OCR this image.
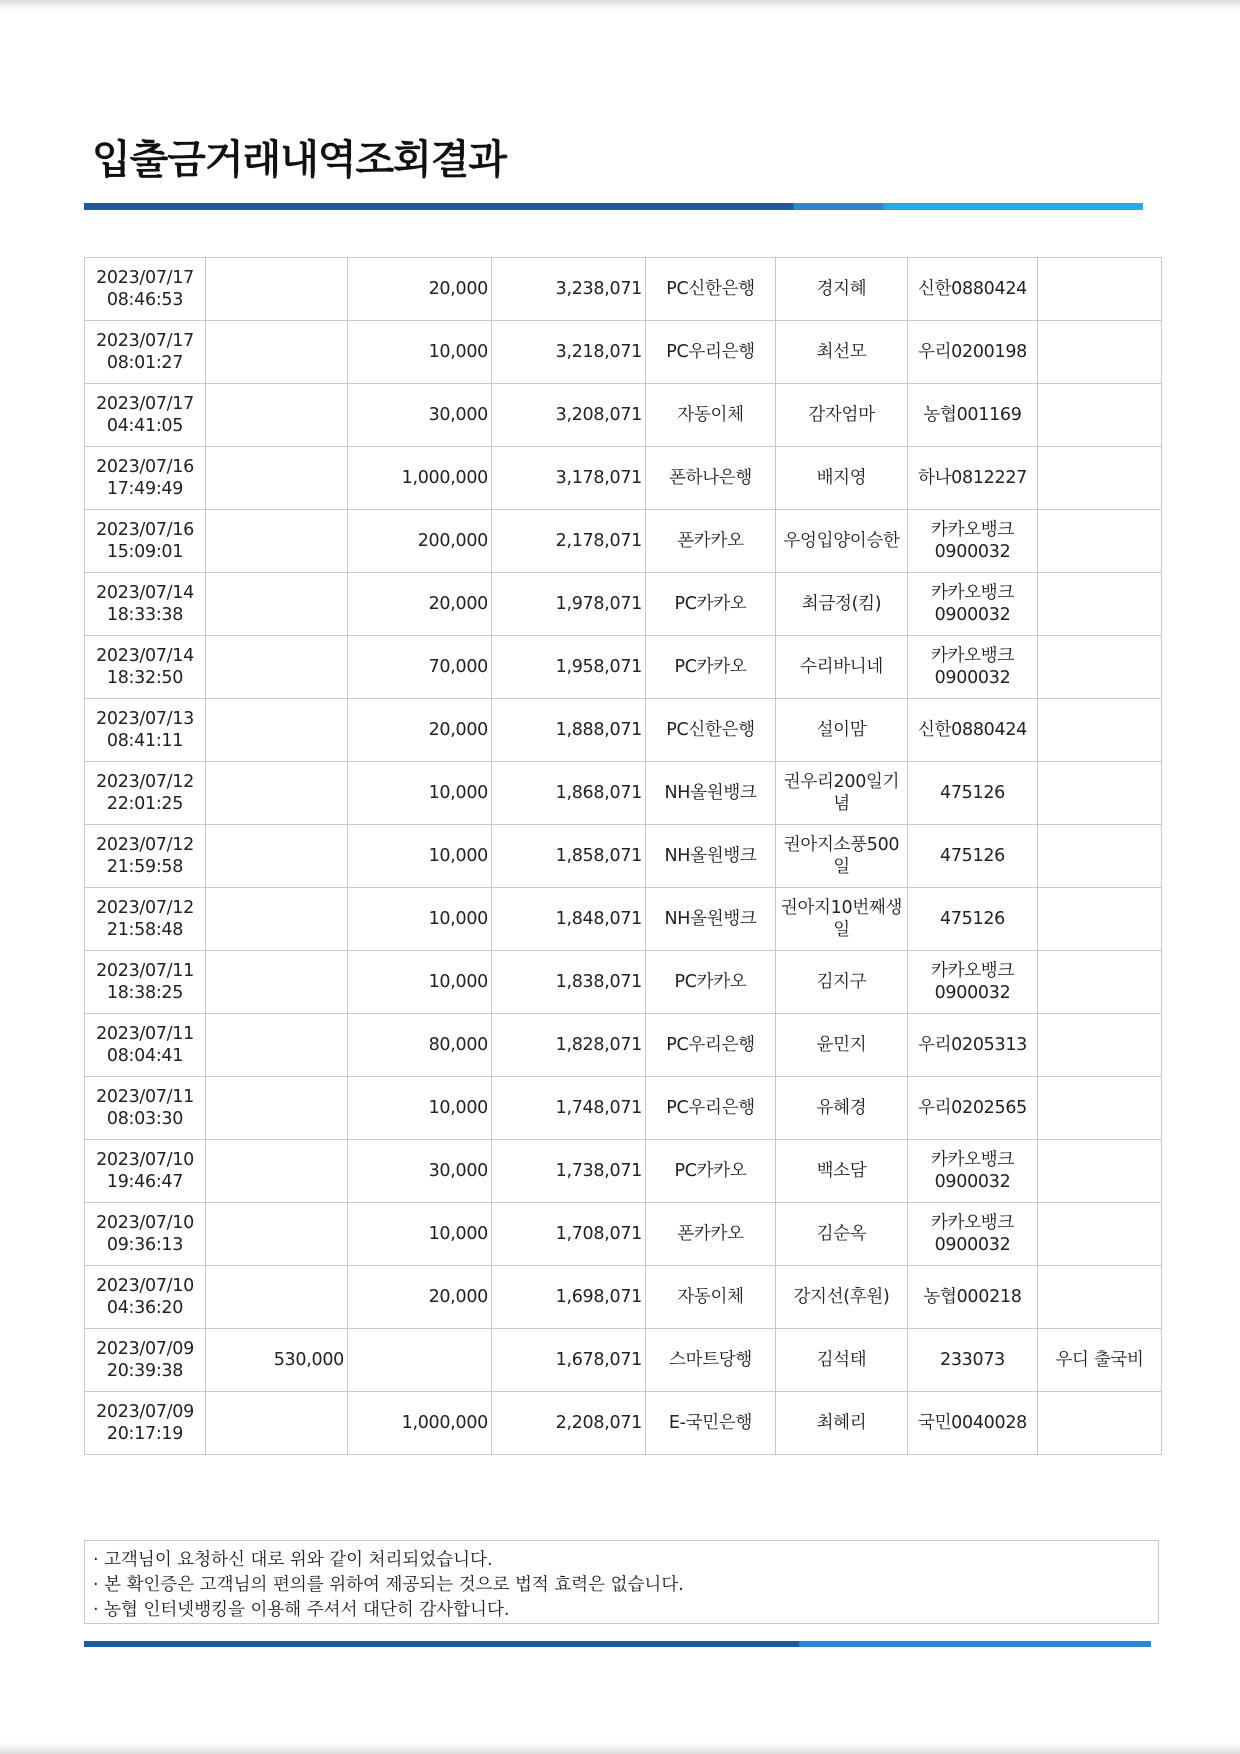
입출금거래내역조회결과
2023/07/17
08:46:53		20,000	3,238,071	PC신한은행	경지혜	신한0880424	

2023/07/17
08:01:27		10,000	3,218,071	PC우리은행	최선모	우리0200198	

2023/07/17
04:41:05		30,000	3,208,071	자동이체	감자엄마	농협001169	

2023/07/16
17:49:49		1,000,000	3,178,071	폰하나은행	배지영	하나0812227	

2023/07/16
15:09:01		200,000	2,178,071	폰카카오	우엉입양이승한	카카오뱅크0900032	

2023/07/14
18:33:38		20,000	1,978,071	PC카카오	최금정(킴)	카카오뱅크0900032	

2023/07/14
18:32:50		70,000	1,958,071	PC카카오	수리바니네	카카오뱅크0900032	

2023/07/13
08:41:11		20,000	1,888,071	PC신한은행	설이맘	신한0880424	

2023/07/12
22:01:25		10,000	1,868,071	NH올원뱅크	권우리200일기념	475126	

2023/07/12
21:59:58		10,000	1,858,071	NH올원뱅크	권아지소풍500일	475126	

2023/07/12
21:58:48		10,000	1,848,071	NH올원뱅크	권아지10번째생일	475126	

2023/07/11
18:38:25		10,000	1,838,071	PC카카오	김지구	카카오뱅크0900032	

2023/07/11
08:04:41		80,000	1,828,071	PC우리은행	윤민지	우리0205313	

2023/07/11
08:03:30		10,000	1,748,071	PC우리은행	유혜경	우리0202565	

2023/07/10
19:46:47		30,000	1,738,071	PC카카오	백소담	카카오뱅크0900032	

2023/07/10
09:36:13		10,000	1,708,071	폰카카오	김순옥	카카오뱅크0900032	

2023/07/10
04:36:20		20,000	1,698,071	자동이체	강지선(후원)	농협000218	

2023/07/09
20:39:38	530,000		1,678,071	스마트당행	김석태	233073	우디 출국비

2023/07/09
20:17:19		1,000,000	2,208,071	E-국민은행	최혜리	국민0040028	
· 고객님이 요청하신 대로 위와 같이 처리되었습니다.
· 본 확인증은 고객님의 편의를 위하여 제공되는 것으로 법적 효력은 없습니다.
· 농협 인터넷뱅킹을 이용해 주셔서 대단히 감사합니다.
